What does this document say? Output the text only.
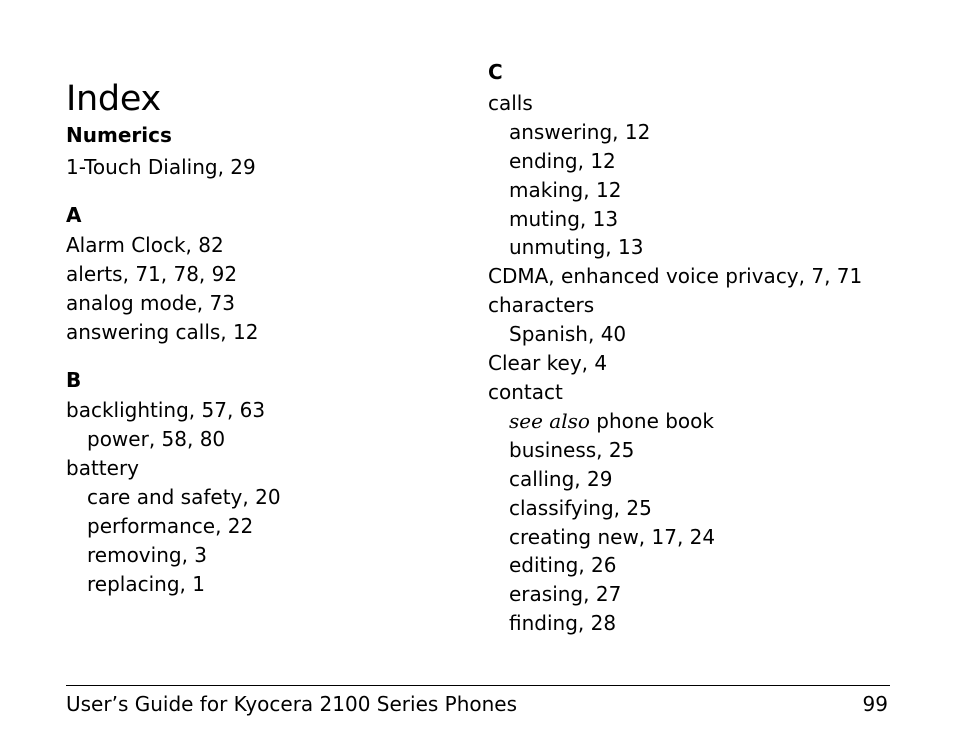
Index
Numerics
1-Touch Dialing, 29
A
Alarm Clock, 82
alerts, 71, 78, 92
analog mode, 73
answering calls, 12
B
backlighting, 57, 63
power, 58, 80
battery
care and safety, 20
performance, 22
removing, 3
replacing, 1
C
calls
answering, 12
ending, 12
making, 12
muting, 13
unmuting, 13
CDMA, enhanced voice privacy, 7, 71
characters
Spanish, 40
Clear key, 4
contact
see also phone book
business, 25
calling, 29
classifying, 25
creating new, 17, 24
editing, 26
erasing, 27
finding, 28
User’s Guide for Kyocera 2100 Series Phones	99
